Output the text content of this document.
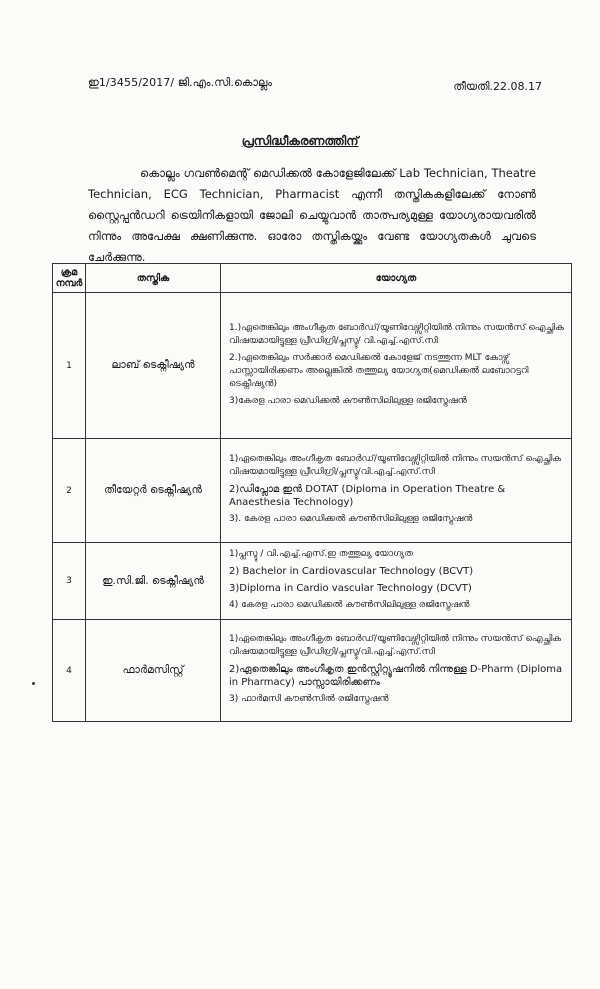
ഇ1/3455/2017/ ജി.എം.സി.കൊല്ലം	തീയതി.22.08.17
പ്രസിദ്ധീകരണത്തിന്
കൊല്ലം ഗവൺമെന്റ് മെഡിക്കൽ കോളേജിലേക്ക് Lab Technician, Theatre Technician, ECG Technician, Pharmacist എന്നീ തസ്തികകളിലേക്ക് നോൺ സ്റ്റൈപ്പൻഡറി ട്രെയിനികളായി ജോലി ചെയ്യുവാൻ താത്പര്യമുള്ള യോഗ്യരായവരിൽ നിന്നും അപേക്ഷ ക്ഷണിക്കുന്നു. ഓരോ തസ്തികയ്ക്കും വേണ്ട യോഗ്യതകൾ ചുവടെ ചേർക്കുന്നു.
ക്രമ നമ്പർ	തസ്തിക	യോഗ്യത
1	ലാബ് ടെക്നീഷ്യൻ	1.)ഏതെങ്കിലും അംഗീകൃത ബോർഡ്/യൂണിവേഴ്സിറ്റിയിൽ നിന്നും സയൻസ് ഐച്ഛിക വിഷയമായിട്ടുള്ള പ്രീഡിഗ്രി/പ്ലസ്ടു/ വി.എച്ച്.എസ്.സി
2.)ഏതെങ്കിലും സർക്കാർ മെഡിക്കൽ കോളേജ് നടത്തുന്ന MLT കോഴ്സ് പാസ്സായിരിക്കണം അല്ലെങ്കിൽ തത്തുല്യ യോഗ്യത(മെഡിക്കൽ ലബോറട്ടറി ടെക്നീഷ്യൻ)
3)കേരള പാരാ മെഡിക്കൽ കൗൺസിലിലുള്ള രജിസ്ട്രേഷൻ

2	തീയേറ്റർ ടെക്നീഷ്യൻ	1)ഏതെങ്കിലും അംഗീകൃത ബോർഡ്/യൂണിവേഴ്സിറ്റിയിൽ നിന്നും സയൻസ് ഐച്ഛിക വിഷയമായിട്ടുള്ള പ്രീഡിഗ്രി/പ്ലസ്ടു/വി.എച്ച്.എസ്.സി
2)ഡിപ്ലോമ ഇൻ DOTAT (Diploma in Operation Theatre & Anaesthesia Technology)
3). കേരള പാരാ മെഡിക്കൽ കൗൺസിലിലുള്ള രജിസ്ട്രേഷൻ

3	ഇ.സി.ജി. ടെക്നീഷ്യൻ	1)പ്ലസ്ടു / വി.എച്ച്.എസ്.ഇ തത്തുല്യ യോഗ്യത
2) Bachelor in Cardiovascular Technology (BCVT)
3)Diploma in Cardio vascular Technology (DCVT)
4) കേരള പാരാ മെഡിക്കൽ കൗൺസിലിലുള്ള രജിസ്ട്രേഷൻ

4	ഫാർമസിസ്റ്റ്	1)ഏതെങ്കിലും അംഗീകൃത ബോർഡ്/യൂണിവേഴ്സിറ്റിയിൽ നിന്നും സയൻസ് ഐച്ഛിക വിഷയമായിട്ടുള്ള പ്രീഡിഗ്രി/പ്ലസ്ടു/വി.എച്ച്.എസ്.സി
2)ഏതെങ്കിലും അംഗീകൃത ഇൻസ്റ്റിറ്റ്യൂഷനിൽ നിന്നുള്ള D-Pharm (Diploma in Pharmacy) പാസ്സായിരിക്കണം
3) ഫാർമസി കൗൺസിൽ രജിസ്ട്രേഷൻ
